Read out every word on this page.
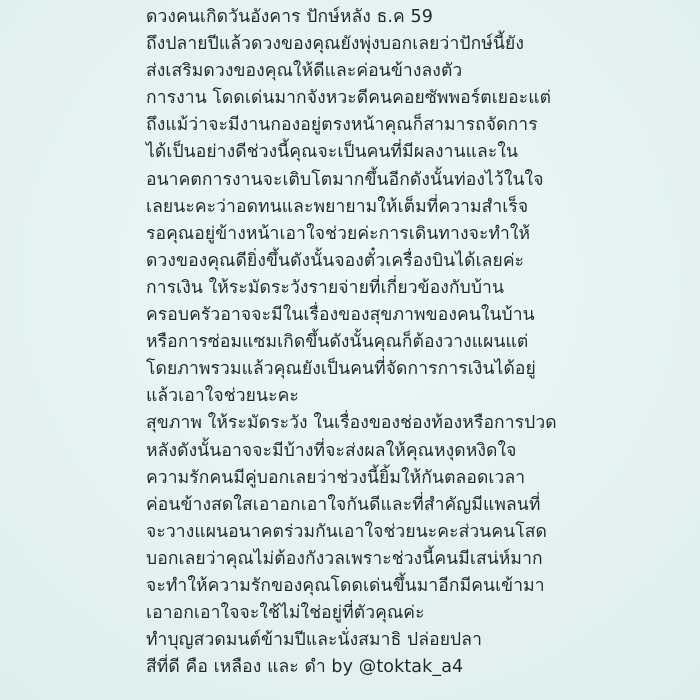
ดวงคนเกิดวันอังคาร ปักษ์หลัง ธ.ค 59
ถึงปลายปีแล้วดวงของคุณยังพุ่งบอกเลยว่าปักษ์นี้ยัง
ส่งเสริมดวงของคุณให้ดีและค่อนข้างลงตัว
การงาน โดดเด่นมากจังหวะดีคนคอยซัพพอร์ตเยอะแต่
ถึงแม้ว่าจะมีงานกองอยู่ตรงหน้าคุณก็สามารถจัดการ
ได้เป็นอย่างดีช่วงนี้คุณจะเป็นคนที่มีผลงานและใน
อนาคตการงานจะเติบโตมากขึ้นอีกดังนั้นท่องไว้ในใจ
เลยนะคะว่าอดทนและพยายามให้เต็มที่ความสำเร็จ
รอคุณอยู่ข้างหน้าเอาใจช่วยค่ะการเดินทางจะทำให้
ดวงของคุณดียิ่งขึ้นดังนั้นจองตั๋วเครื่องบินได้เลยค่ะ
การเงิน ให้ระมัดระวังรายจ่ายที่เกี่ยวข้องกับบ้าน
ครอบครัวอาจจะมีในเรื่องของสุขภาพของคนในบ้าน
หรือการซ่อมแซมเกิดขึ้นดังนั้นคุณก็ต้องวางแผนแต่
โดยภาพรวมแล้วคุณยังเป็นคนที่จัดการการเงินได้อยู่
แล้วเอาใจช่วยนะคะ
สุขภาพ ให้ระมัดระวัง ในเรื่องของช่องท้องหรือการปวด
หลังดังนั้นอาจจะมีบ้างที่จะส่งผลให้คุณหงุดหงิดใจ
ความรักคนมีคู่บอกเลยว่าช่วงนี้ยิ้มให้กันตลอดเวลา
ค่อนข้างสดใสเอาอกเอาใจกันดีและที่สำคัญมีแพลนที่
จะวางแผนอนาคตร่วมกันเอาใจช่วยนะคะส่วนคนโสด
บอกเลยว่าคุณไม่ต้องกังวลเพราะช่วงนี้คนมีเสน่ห์มาก
จะทำให้ความรักของคุณโดดเด่นขึ้นมาอีกมีคนเข้ามา
เอาอกเอาใจจะใช้ไม่ใช่อยู่ที่ตัวคุณค่ะ
ทำบุญสวดมนต์ข้ามปีและนั่งสมาธิ ปล่อยปลา
สีที่ดี คือ เหลือง และ ดำ by @toktak_a4
